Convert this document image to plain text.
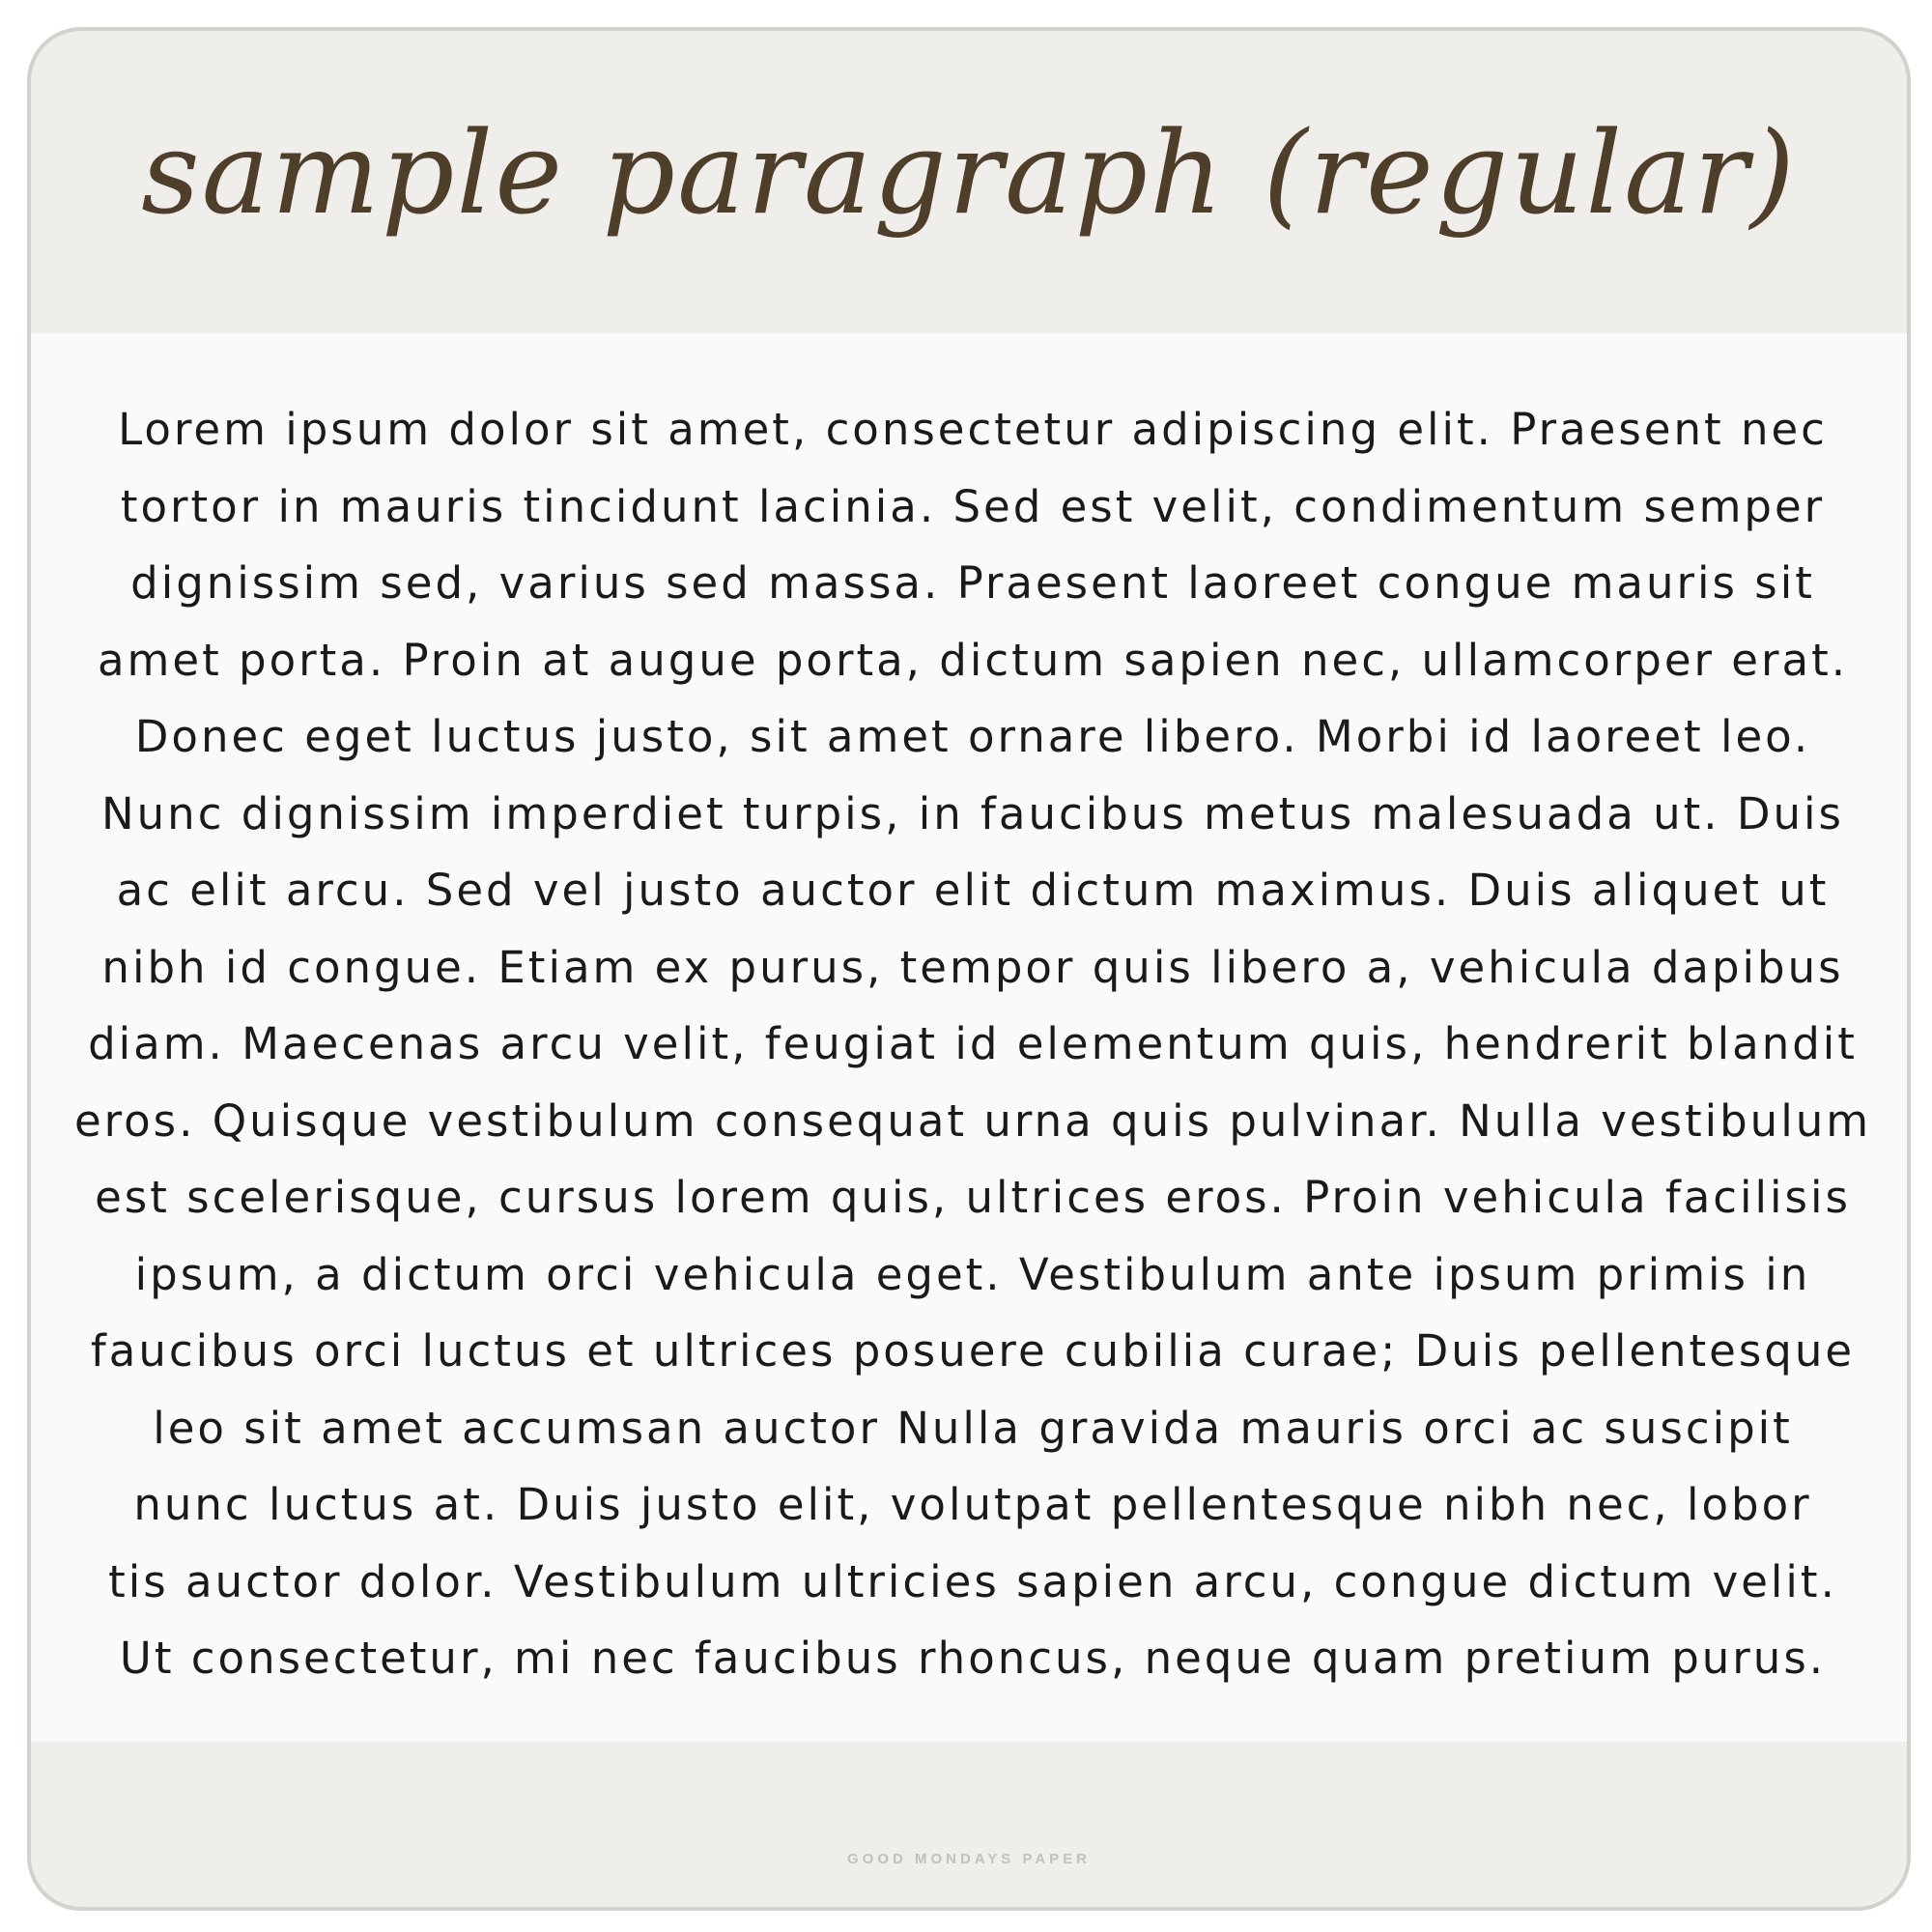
sample paragraph (regular)

Lorem ipsum dolor sit amet, consectetur adipiscing elit. Praesent nec
tortor in mauris tincidunt lacinia. Sed est velit, condimentum semper
dignissim sed, varius sed massa. Praesent laoreet congue mauris sit
amet porta. Proin at augue porta, dictum sapien nec, ullamcorper erat.
Donec eget luctus justo, sit amet ornare libero. Morbi id laoreet leo.
Nunc dignissim imperdiet turpis, in faucibus metus malesuada ut. Duis
ac elit arcu. Sed vel justo auctor elit dictum maximus. Duis aliquet ut
nibh id congue. Etiam ex purus, tempor quis libero a, vehicula dapibus
diam. Maecenas arcu velit, feugiat id elementum quis, hendrerit blandit
eros. Quisque vestibulum consequat urna quis pulvinar. Nulla vestibulum
est scelerisque, cursus lorem quis, ultrices eros. Proin vehicula facilisis
ipsum, a dictum orci vehicula eget. Vestibulum ante ipsum primis in
faucibus orci luctus et ultrices posuere cubilia curae; Duis pellentesque
leo sit amet accumsan auctor Nulla gravida mauris orci ac suscipit
nunc luctus at. Duis justo elit, volutpat pellentesque nibh nec, lobor
tis auctor dolor. Vestibulum ultricies sapien arcu, congue dictum velit.
Ut consectetur, mi nec faucibus rhoncus, neque quam pretium purus.

GOOD MONDAYS PAPER
